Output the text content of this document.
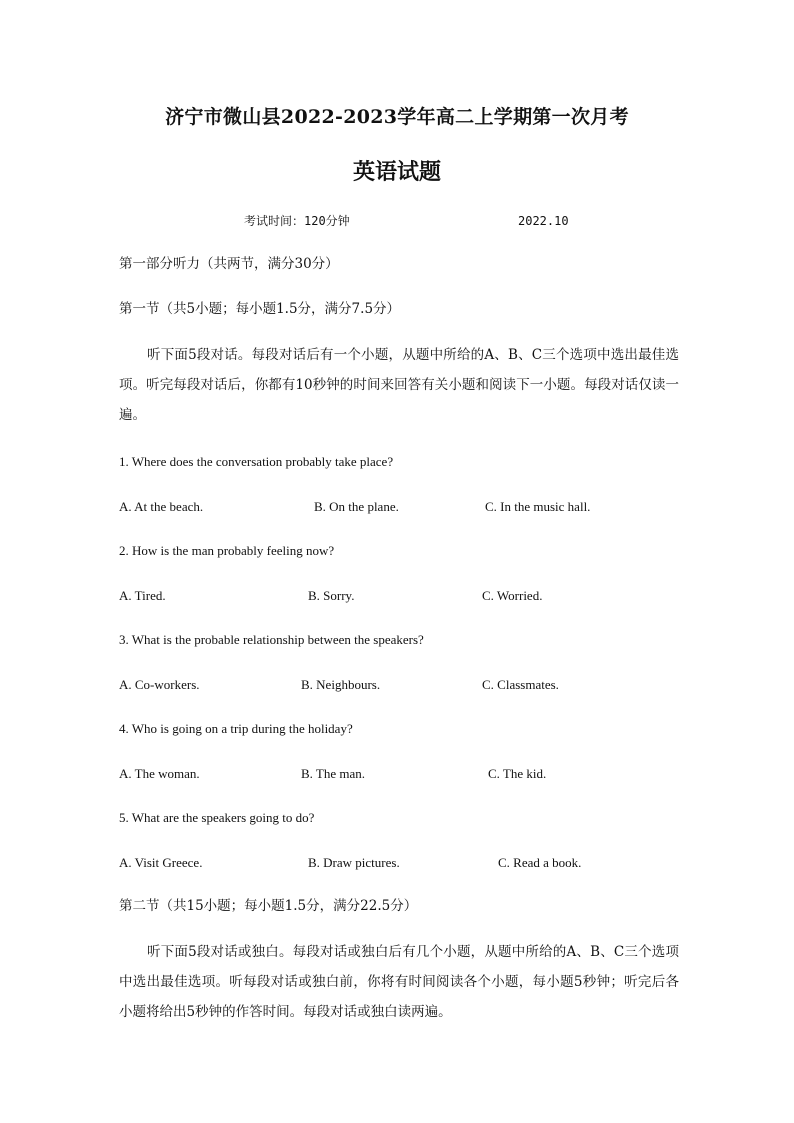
济宁市微山县2022-2023学年高二上学期第一次月考
英语试题
考试时间：120分钟	2022.10
第一部分听力（共两节，满分30分）
第一节（共5小题；每小题1.5分，满分7.5分）

听下面5段对话。每段对话后有一个小题，从题中所给的A、B、C三个选项中选出最佳选项。听完每段对话后，你都有10秒钟的时间来回答有关小题和阅读下一小题。每段对话仅读一遍。

1. Where does the conversation probably take place?
A. At the beach.	B. On the plane.	C. In the music hall.
2. How is the man probably feeling now?
A. Tired.	B. Sorry.	C. Worried.
3. What is the probable relationship between the speakers?
A. Co-workers.	B. Neighbours.	C. Classmates.
4. Who is going on a trip during the holiday?
A. The woman.	B. The man.	C. The kid.
5. What are the speakers going to do?
A. Visit Greece.	B. Draw pictures.	C. Read a book.
第二节（共15小题；每小题1.5分，满分22.5分）

听下面5段对话或独白。每段对话或独白后有几个小题，从题中所给的A、B、C三个选项中选出最佳选项。听每段对话或独白前，你将有时间阅读各个小题，每小题5秒钟；听完后各小题将给出5秒钟的作答时间。每段对话或独白读两遍。
